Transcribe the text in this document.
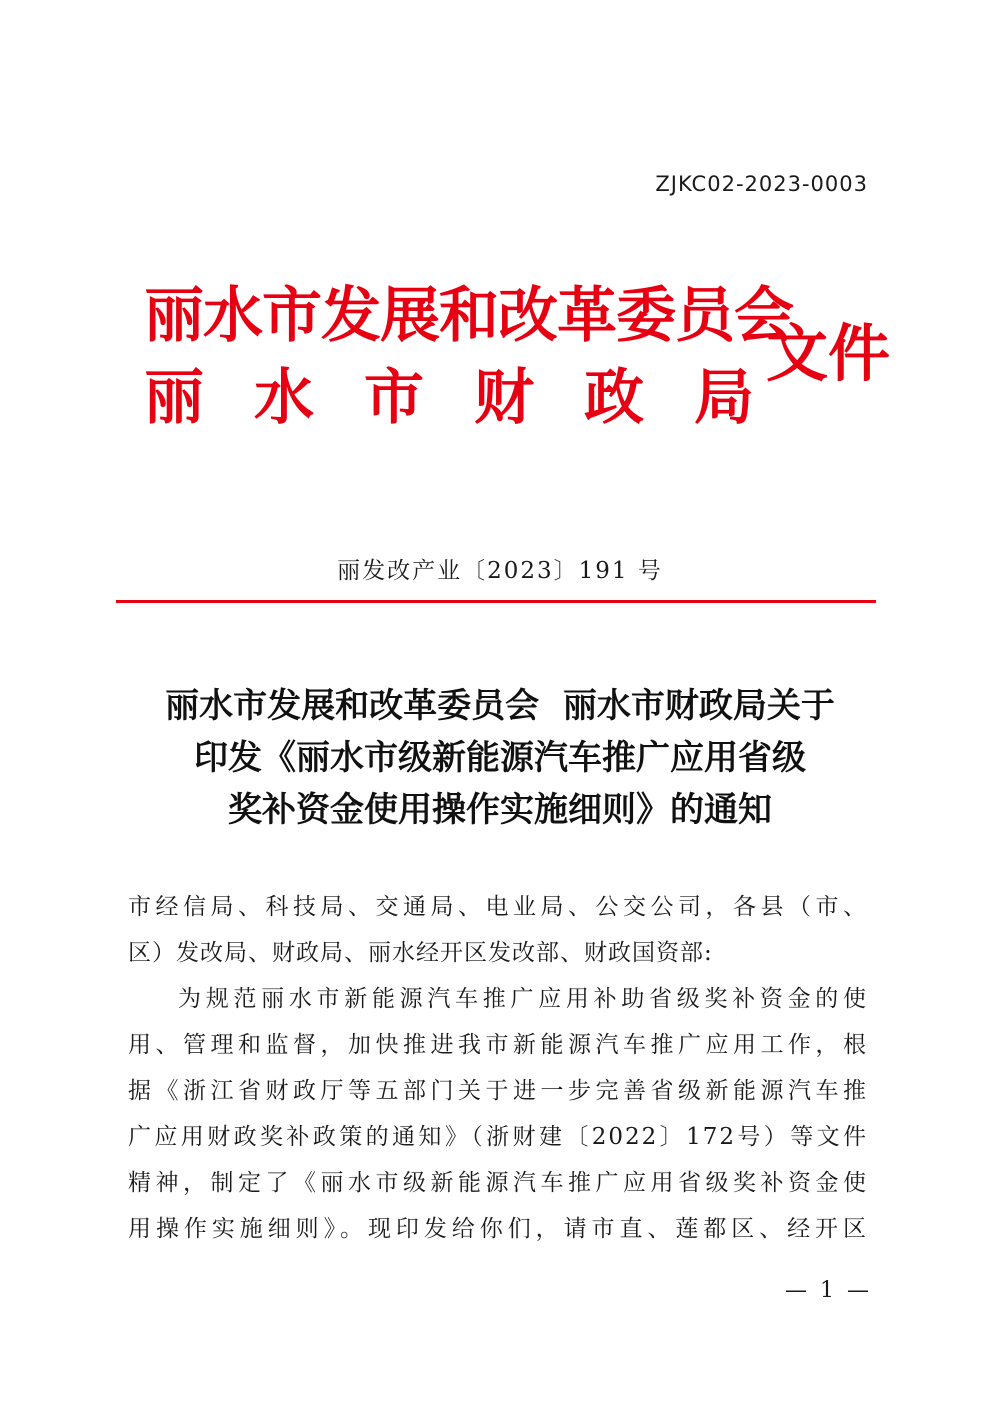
ZJKC02-2023-0003
丽水市发展和改革委员会
丽 水 市 财 政 局
文件
丽发改产业〔2023〕191 号
丽水市发展和改革委员会  丽水市财政局关于
印发《丽水市级新能源汽车推广应用省级
奖补资金使用操作实施细则》的通知

市经信局、科技局、交通局、电业局、公交公司，各县（市、

区）发改局、财政局、丽水经开区发改部、财政国资部:

为规范丽水市新能源汽车推广应用补助省级奖补资金的使

用、管理和监督，加快推进我市新能源汽车推广应用工作，根

据《浙江省财政厅等五部门关于进一步完善省级新能源汽车推

广应用财政奖补政策的通知》（浙财建〔2022〕172号）等文件

精神，制定了《丽水市级新能源汽车推广应用省级奖补资金使

用操作实施细则》。现印发给你们，请市直、莲都区、经开区

— 1 —
